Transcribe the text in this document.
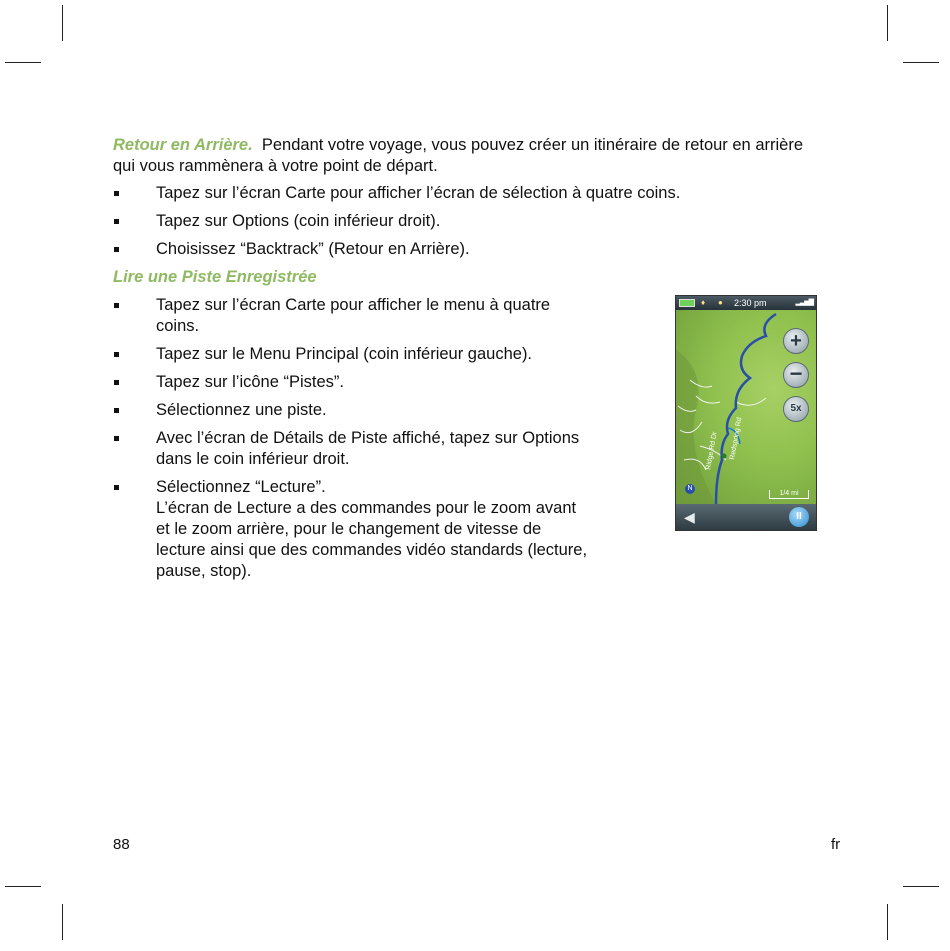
Retour en Arrière. Pendant votre voyage, vous pouvez créer un itinéraire de retour en arrière qui vous rammènera à votre point de départ.

Tapez sur l’écran Carte pour afficher l’écran de sélection à quatre coins.
Tapez sur Options (coin inférieur droit).
Choisissez “Backtrack” (Retour en Arrière).

Lire une Piste Enregistrée

Tapez sur l’écran Carte pour afficher le menu à quatre coins.
Tapez sur le Menu Principal (coin inférieur gauche).
Tapez sur l’icône “Pistes”.
Sélectionnez une piste.
Avec l’écran de Détails de Piste affiché, tapez sur Options dans le coin inférieur droit.
Sélectionnez “Lecture”.
L’écran de Lecture a des commandes pour le zoom avant et le zoom arrière, pour le changement de vitesse de lecture ainsi que des commandes vidéo standards (lecture, pause, stop).
♦ ● 2:30 pm	▂▃▅▇
Ridge Rd Dr Redspring Rd
+
−
5x
N
1/4 mi
◀	II
88	fr
